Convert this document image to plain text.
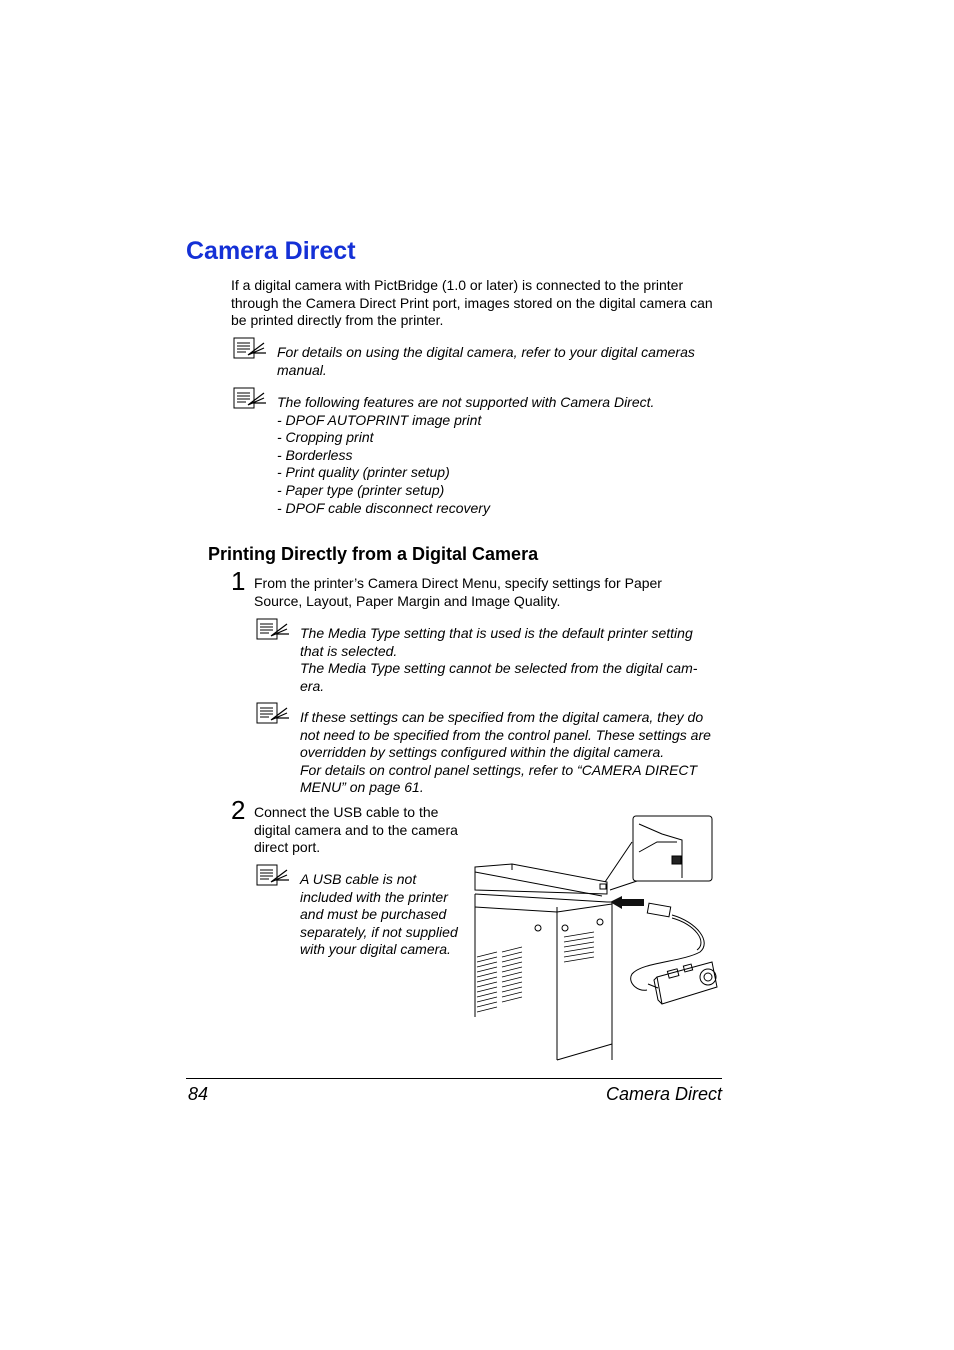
Camera Direct
If a digital camera with PictBridge (1.0 or later) is connected to the printer
through the Camera Direct Print port, images stored on the digital camera can
be printed directly from the printer.
For details on using the digital camera, refer to your digital cameras
manual.
The following features are not supported with Camera Direct.
- DPOF AUTOPRINT image print
- Cropping print
- Borderless
- Print quality (printer setup)
- Paper type (printer setup)
- DPOF cable disconnect recovery
Printing Directly from a Digital Camera
1 From the printer’s Camera Direct Menu, specify settings for Paper
Source, Layout, Paper Margin and Image Quality.
The Media Type setting that is used is the default printer setting
that is selected.
The Media Type setting cannot be selected from the digital cam-
era.
If these settings can be specified from the digital camera, they do
not need to be specified from the control panel. These settings are
overridden by settings configured within the digital camera.
For details on control panel settings, refer to “CAMERA DIRECT
MENU” on page 61.
2 Connect the USB cable to the
digital camera and to the camera
direct port.
A USB cable is not
included with the printer
and must be purchased
separately, if not supplied
with your digital camera.
84	Camera Direct
